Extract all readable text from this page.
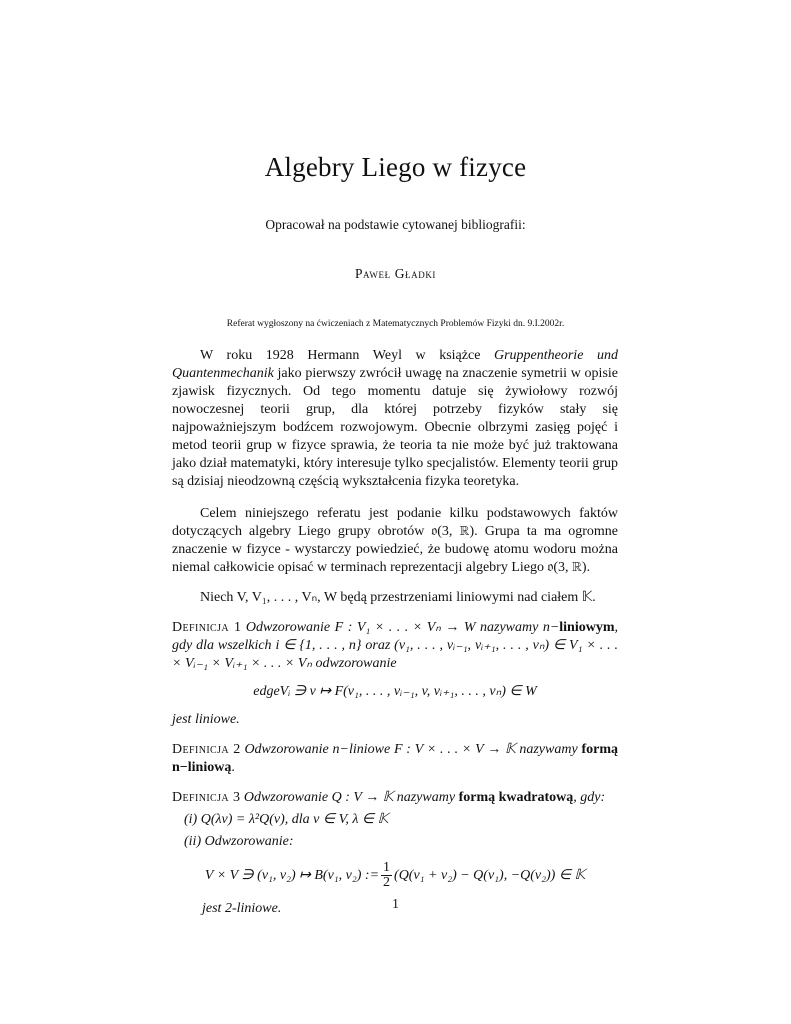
Algebry Liego w fizyce
Opracował na podstawie cytowanej bibliografii:
Paweł Gładki
Referat wygłoszony na ćwiczeniach z Matematycznych Problemów Fizyki dn. 9.I.2002r.

W roku 1928 Hermann Weyl w książce Gruppentheorie und Quantenmechanik jako pierwszy zwrócił uwagę na znaczenie symetrii w opisie zjawisk fizycznych. Od tego momentu datuje się żywiołowy rozwój nowoczesnej teorii grup, dla której potrzeby fizyków stały się najpoważniejszym bodźcem rozwojowym. Obecnie olbrzymi zasięg pojęć i metod teorii grup w fizyce sprawia, że teoria ta nie może być już traktowana jako dział matematyki, który interesuje tylko specjalistów. Elementy teorii grup są dzisiaj nieodzowną częścią wykształcenia fizyka teoretyka.

Celem niniejszego referatu jest podanie kilku podstawowych faktów dotyczących algebry Liego grupy obrotów 𝔬(3, ℝ). Grupa ta ma ogromne znaczenie w fizyce - wystarczy powiedzieć, że budowę atomu wodoru można niemal całkowicie opisać w terminach reprezentacji algebry Liego 𝔬(3, ℝ).

Niech V, V₁, . . . , Vₙ, W będą przestrzeniami liniowymi nad ciałem 𝕂.

Definicja 1 Odwzorowanie F : V₁ × . . . × Vₙ → W nazywamy n−liniowym, gdy dla wszelkich i ∈ {1, . . . , n} oraz (v₁, . . . , vᵢ₋₁, vᵢ₊₁, . . . , vₙ) ∈ V₁ × . . . × Vᵢ₋₁ × Vᵢ₊₁ × . . . × Vₙ odwzorowanie

edgeVᵢ ∋ v ↦ F(v₁, . . . , vᵢ₋₁, v, vᵢ₊₁, . . . , vₙ) ∈ W

jest liniowe.

Definicja 2 Odwzorowanie n−liniowe F : V × . . . × V → 𝕂 nazywamy formą n−liniową.

Definicja 3 Odwzorowanie Q : V → 𝕂 nazywamy formą kwadratową, gdy:

(i) Q(λv) = λ²Q(v), dla v ∈ V, λ ∈ 𝕂
(ii) Odwzorowanie:
V × V ∋ (v₁, v₂) ↦ B(v₁, v₂) := $\frac{1}{2} (Q(v_1 + v_2) - Q(v_1)$, −Q(v₂)) ∈ 𝕂
jest 2-liniowe.	1
